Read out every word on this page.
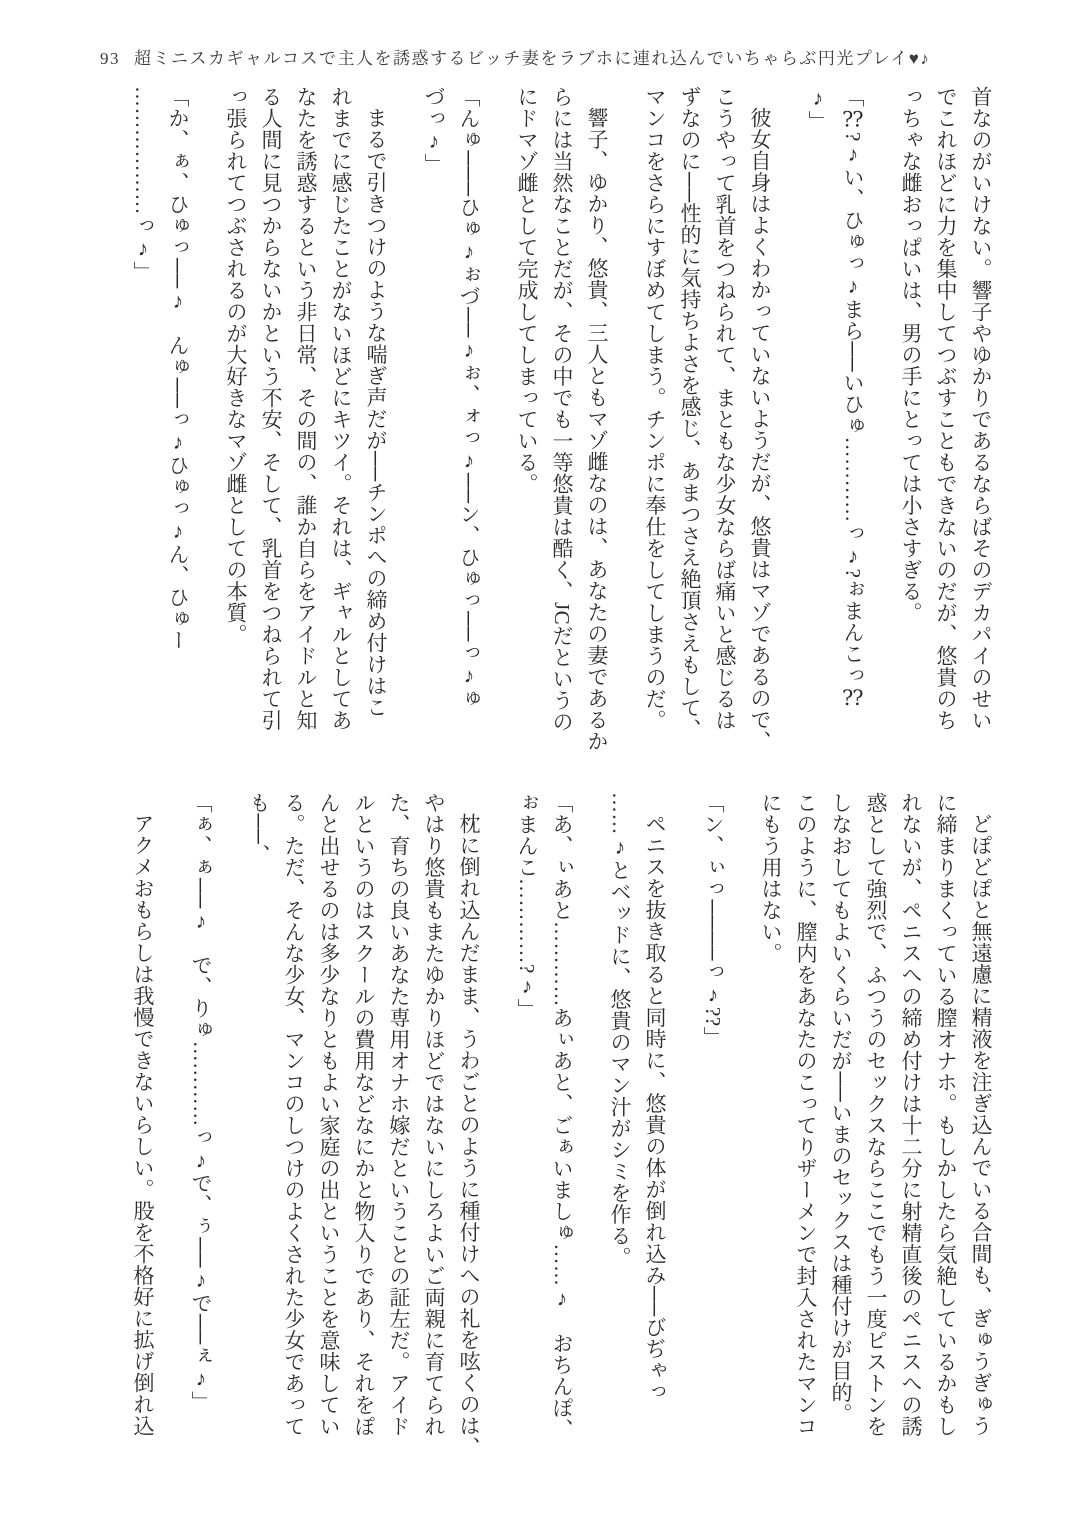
93 超ミニスカギャルコスで主人を誘惑するビッチ妻をラブホに連れ込んでいちゃらぶ円光プレイ♥♪

首なのがいけない。響子やゆかりであるならばそのデカパイのせい

でこれほどに力を集中してつぶすこともできないのだが、悠貴のち

っちゃな雌おっぱいは、男の手にとっては小さすぎる。

「⁇?♪い、ひゅっ♪まら──いひゅ…………っ♪?ぉまんこっ⁇

♪」

彼女自身はよくわかっていないようだが、悠貴はマゾであるので、

こうやって乳首をつねられて、まともな少女ならば痛いと感じるは

ずなのに──性的に気持ちよさを感じ、あまつさえ絶頂さえもして、

マンコをさらにすぼめてしまう。チンポに奉仕をしてしまうのだ。

響子、ゆかり、悠貴、三人ともマゾ雌なのは、あなたの妻であるか

らには当然なことだが、その中でも一等悠貴は酷く、JCだというの

にドマゾ雌として完成してしまっている。

「んゅ───ひゅ♪ぉづ──♪ぉ、ォっ♪──ン、ひゅっ──っ♪ゅ

づっ♪」

まるで引きつけのような喘ぎ声だが──チンポへの締め付けはこ

れまでに感じたことがないほどにキツイ。それは、ギャルとしてあ

なたを誘惑するという非日常、その間の、誰か自らをアイドルと知

る人間に見つからないかという不安、そして、乳首をつねられて引

っ張られてつぶされるのが大好きなマゾ雌としての本質。

「か、ぁ、ひゅっ──♪　んゅ──っ♪ひゅっ♪ん、ひゅー

………………っ♪」

どぽどぽと無遠慮に精液を注ぎ込んでいる合間も、ぎゅうぎゅう

に締まりまくっている膣オナホ。もしかしたら気絶しているかもし

れないが、ペニスへの締め付けは十二分に射精直後のペニスへの誘

惑として強烈で、ふつうのセックスならここでもう一度ピストンを

しなおしてもよいくらいだが──いまのセックスは種付けが目的。

このように、膣内をあなたのこってりザーメンで封入されたマンコ

にもう用はない。

「ン、ぃっ────っ♪??」

ペニスを抜き取ると同時に、悠貴の体が倒れ込み──びぢゃっ

……♪とベッドに、悠貴のマン汁がシミを作る。

「あ、ぃあと…………あぃあと、ごぁいましゅ……♪　おちんぽ、

ぉまんこ…………?♪」

枕に倒れ込んだまま、うわごとのように種付けへの礼を呟くのは、

やはり悠貴もまたゆかりほどではないにしろよいご両親に育てられ

た、育ちの良いあなた専用オナホ嫁だということの証左だ。アイド

ルというのはスクールの費用などなにかと物入りであり、それをぽ

んと出せるのは多少なりともよい家庭の出ということを意味してい

る。ただ、そんな少女、マンコのしつけのよくされた少女であって

も──、

「ぁ、ぁ──♪　で、りゅ…………っ♪で、ぅ──♪で──ぇ♪」

アクメおもらしは我慢できないらしい。股を不格好に拡げ倒れ込
